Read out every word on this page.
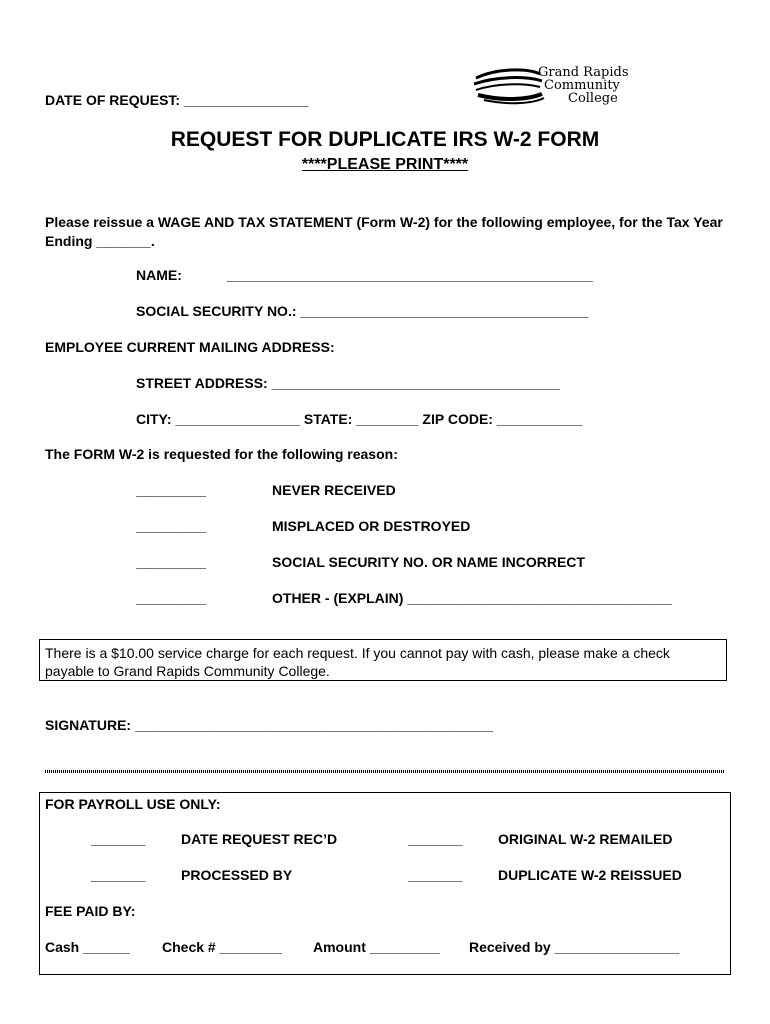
DATE OF REQUEST: ________________
Grand Rapids
Community
College
REQUEST FOR DUPLICATE IRS W-2 FORM
****PLEASE PRINT****
Please reissue a WAGE AND TAX STATEMENT (Form W-2) for the following employee, for the Tax Year Ending _______.
NAME:	_______________________________________________
SOCIAL SECURITY NO.: _____________________________________
EMPLOYEE CURRENT MAILING ADDRESS:
STREET ADDRESS: _____________________________________
CITY: ________________ STATE: ________ ZIP CODE: ___________
The FORM W-2 is requested for the following reason:
_________	NEVER RECEIVED
_________	MISPLACED OR DESTROYED
_________	SOCIAL SECURITY NO. OR NAME INCORRECT
_________	OTHER - (EXPLAIN) __________________________________
There is a $10.00 service charge for each request. If you cannot pay with cash, please make a check payable to Grand Rapids Community College.
SIGNATURE: ______________________________________________
FOR PAYROLL USE ONLY:
_______	DATE REQUEST REC’D	_______	ORIGINAL W-2 REMAILED
_______	PROCESSED BY	_______	DUPLICATE W-2 REISSUED
FEE PAID BY:
Cash ______ Check # ________ Amount _________ Received by ________________
